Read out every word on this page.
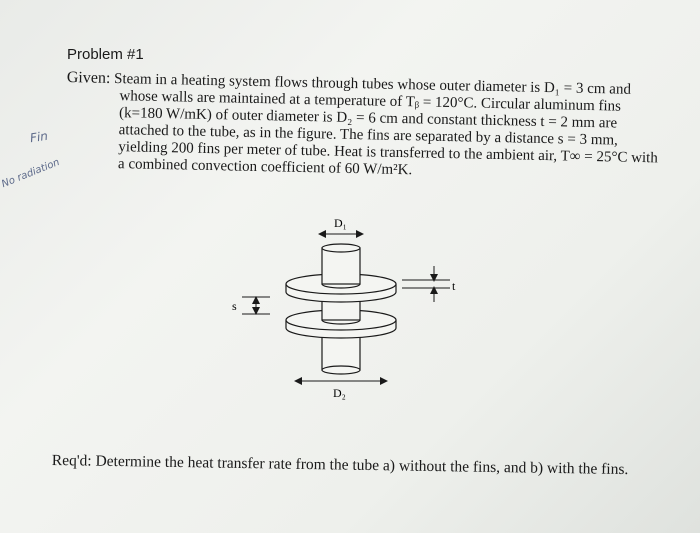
Problem #1
Given: Steam in a heating system flows through tubes whose outer diameter is D₁ = 3 cm and whose walls are maintained at a temperature of Tᵦ = 120°C. Circular aluminum fins (k=180 W/mK) of outer diameter is D₂ = 6 cm and constant thickness t = 2 mm are attached to the tube, as in the figure. The fins are separated by a distance s = 3 mm, yielding 200 fins per meter of tube. Heat is transferred to the ambient air, T∞ = 25°C with a combined convection coefficient of 60 W/m²K.
Fin
No radiation
D₁
s
t
D₂
Req'd: Determine the heat transfer rate from the tube a) without the fins, and b) with the fins.
